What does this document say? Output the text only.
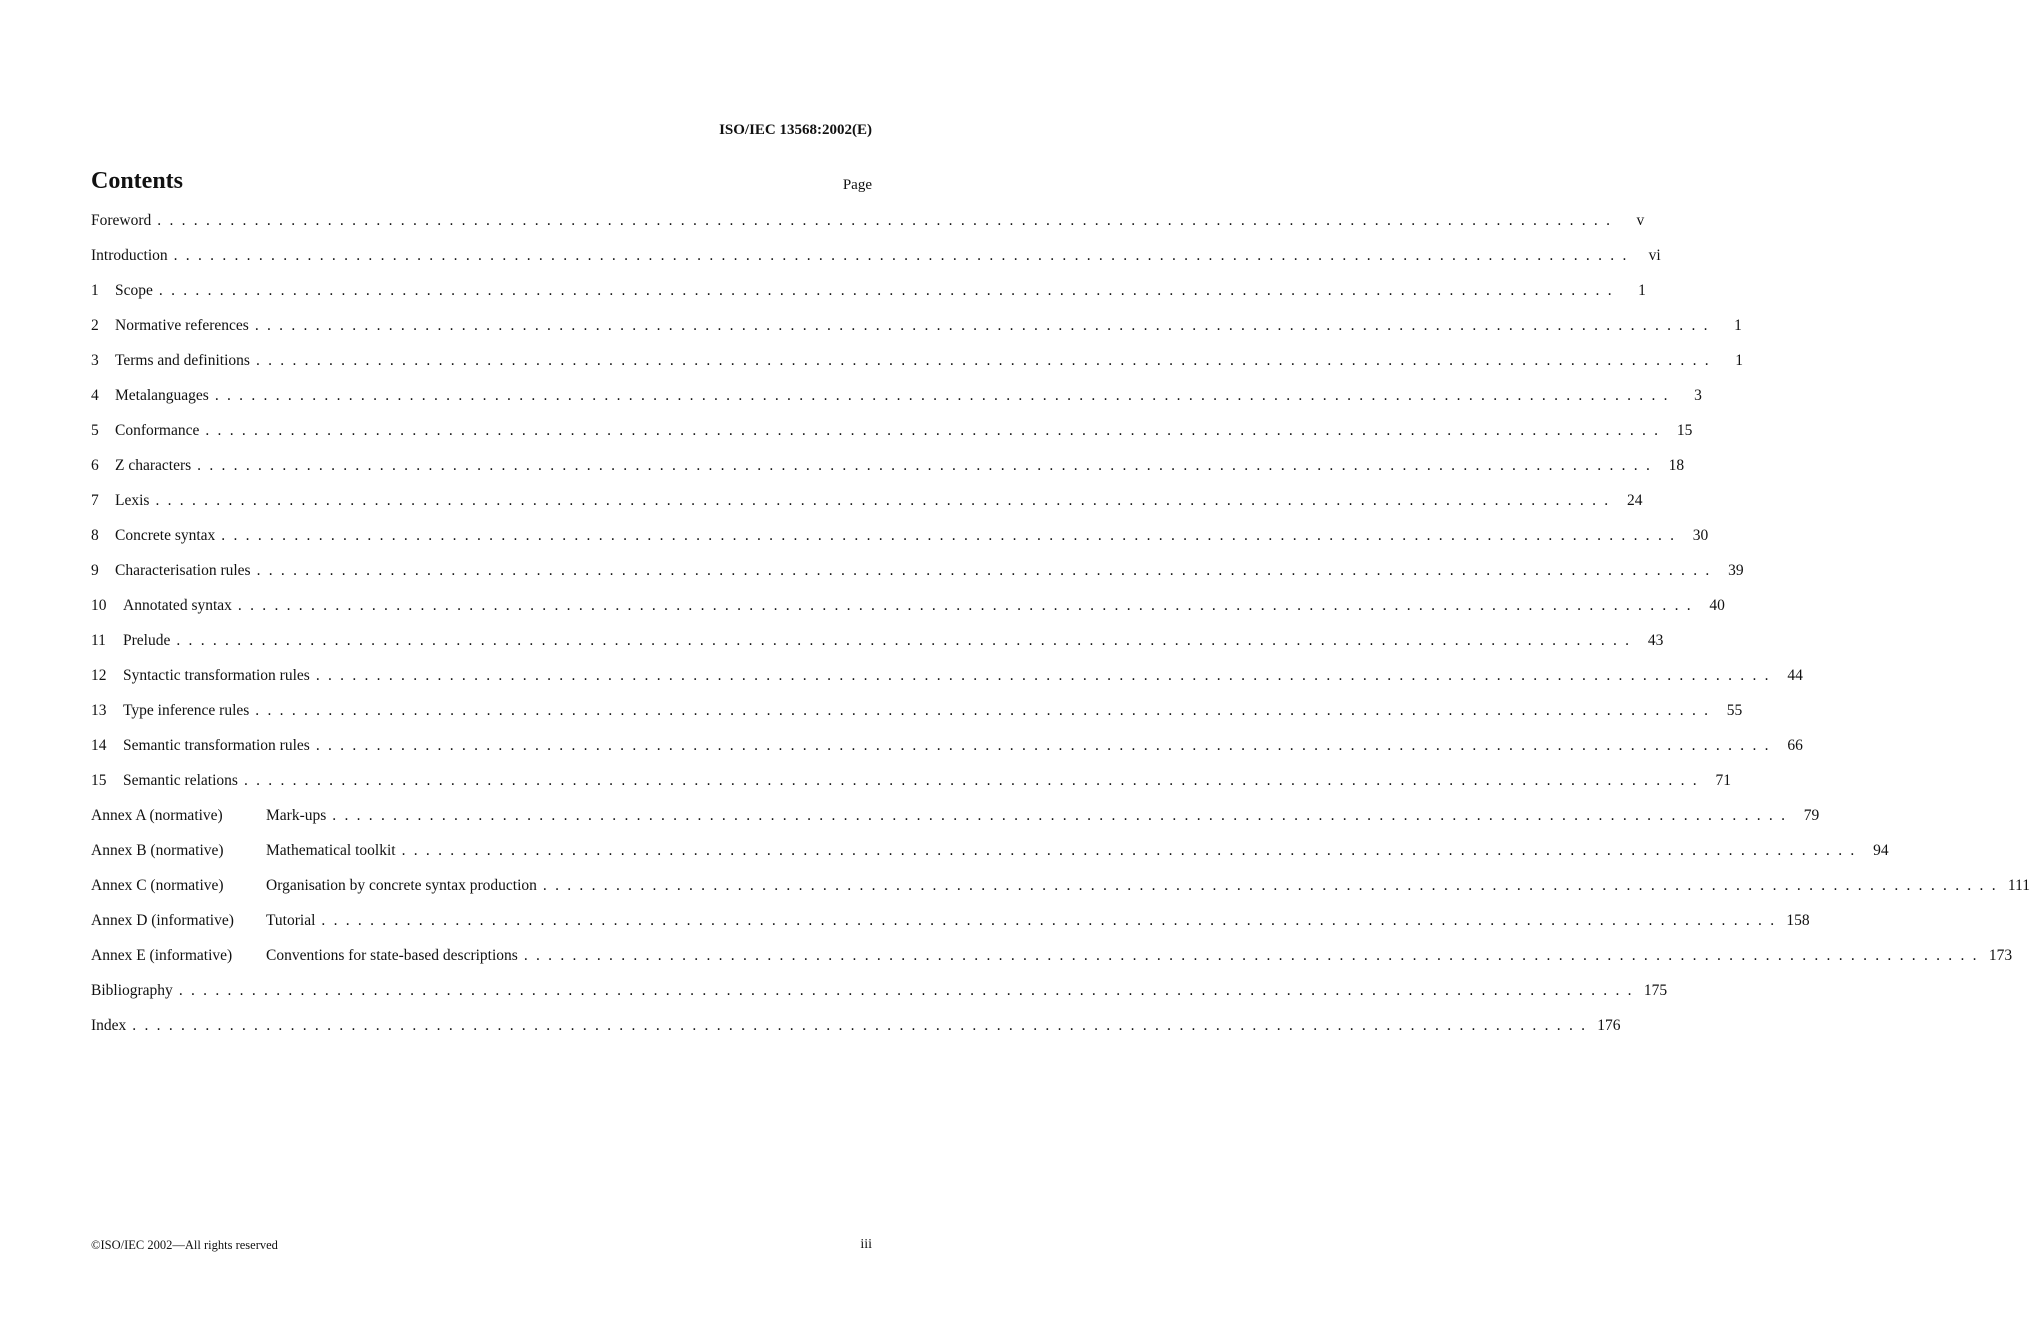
ISO/IEC 13568:2002(E)
Contents	Page
Foreword ........................................................................................................................	v
Introduction ........................................................................................................................ vi
1	Scope ........................................................................................................................	1
2	Normative references ........................................................................................................................	1
3	Terms and definitions ........................................................................................................................	1
4	Metalanguages ........................................................................................................................	3
5	Conformance ........................................................................................................................ 15
6	Z characters ........................................................................................................................ 18
7	Lexis ........................................................................................................................ 24
8	Concrete syntax ........................................................................................................................ 30
9	Characterisation rules ........................................................................................................................ 39
10	Annotated syntax ........................................................................................................................ 40
11	Prelude ........................................................................................................................ 43
12	Syntactic transformation rules ........................................................................................................................ 44
13	Type inference rules ........................................................................................................................ 55
14	Semantic transformation rules ........................................................................................................................ 66
15	Semantic relations ........................................................................................................................ 71
Annex A (normative)	Mark-ups ........................................................................................................................ 79
Annex B (normative)	Mathematical toolkit ........................................................................................................................ 94
Annex C (normative)	Organisation by concrete syntax production ........................................................................................................................ 111
Annex D (informative)	Tutorial ........................................................................................................................ 158
Annex E (informative)	Conventions for state-based descriptions ........................................................................................................................ 173
Bibliography ........................................................................................................................ 175
Index ........................................................................................................................ 176
©ISO/IEC 2002—All rights reserved	iii
